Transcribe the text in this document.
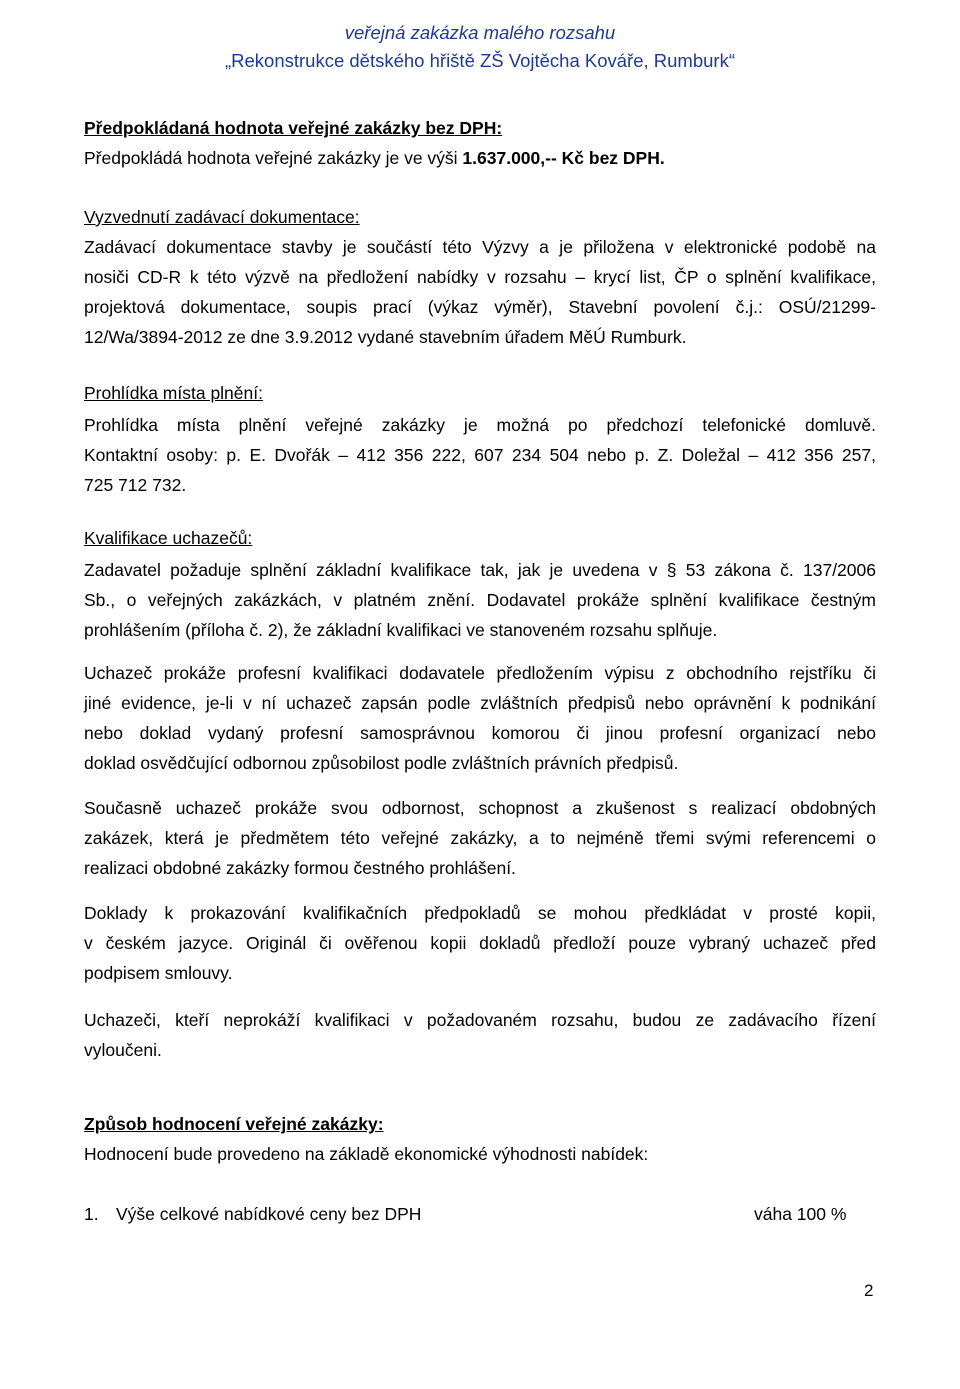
veřejná zakázka malého rozsahu
„Rekonstrukce dětského hřiště ZŠ Vojtěcha Kováře, Rumburk“
Předpokládaná hodnota veřejné zakázky bez DPH:
Předpokládá hodnota veřejné zakázky je ve výši 1.637.000,-- Kč bez DPH.
Vyzvednutí zadávací dokumentace:
Zadávací dokumentace stavby je součástí této Výzvy a je přiložena v elektronické podobě na
nosiči CD-R k této výzvě na předložení nabídky v rozsahu – krycí list, ČP o splnění kvalifikace,
projektová dokumentace, soupis prací (výkaz výměr), Stavební povolení č.j.: OSÚ/21299-
12/Wa/3894-2012 ze dne 3.9.2012 vydané stavebním úřadem MěÚ Rumburk.
Prohlídka místa plnění:
Prohlídka místa plnění veřejné zakázky je možná po předchozí telefonické domluvě.
Kontaktní osoby: p. E. Dvořák – 412 356 222, 607 234 504 nebo p. Z. Doležal – 412 356 257,
725 712 732.
Kvalifikace uchazečů:
Zadavatel požaduje splnění základní kvalifikace tak, jak je uvedena v § 53 zákona č. 137/2006
Sb., o veřejných zakázkách, v platném znění. Dodavatel prokáže splnění kvalifikace čestným
prohlášením (příloha č. 2), že základní kvalifikaci ve stanoveném rozsahu splňuje.
Uchazeč prokáže profesní kvalifikaci dodavatele předložením výpisu z obchodního rejstříku či
jiné evidence, je-li v ní uchazeč zapsán podle zvláštních předpisů nebo oprávnění k podnikání
nebo doklad vydaný profesní samosprávnou komorou či jinou profesní organizací nebo
doklad osvědčující odbornou způsobilost podle zvláštních právních předpisů.
Současně uchazeč prokáže svou odbornost, schopnost a zkušenost s realizací obdobných
zakázek, která je předmětem této veřejné zakázky, a to nejméně třemi svými referencemi o
realizaci obdobné zakázky formou čestného prohlášení.
Doklady k prokazování kvalifikačních předpokladů se mohou předkládat v prosté kopii,
v českém jazyce. Originál či ověřenou kopii dokladů předloží pouze vybraný uchazeč před
podpisem smlouvy.
Uchazeči, kteří neprokáží kvalifikaci v požadovaném rozsahu, budou ze zadávacího řízení
vyloučeni.
Způsob hodnocení veřejné zakázky:
Hodnocení bude provedeno na základě ekonomické výhodnosti nabídek:
1. Výše celkové nabídkové ceny bez DPH	váha 100 %
2
